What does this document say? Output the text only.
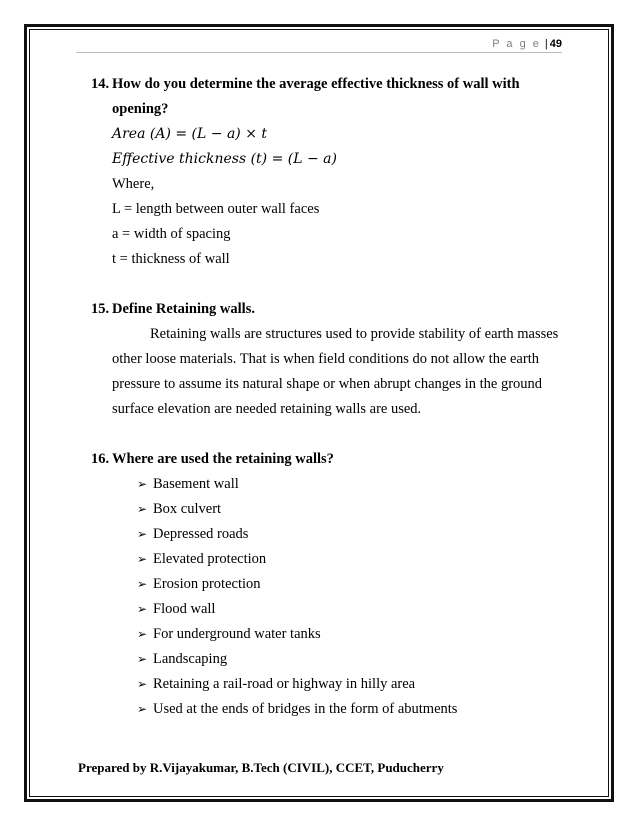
P a g e | 49
14. How do you determine the average effective thickness of wall with
opening?
Area (A) = (L − a) × t
Effective thickness (t) = (L − a)
Where,
L = length between outer wall faces
a = width of spacing
t = thickness of wall
15. Define Retaining walls.
Retaining walls are structures used to provide stability of earth masses
other loose materials. That is when field conditions do not allow the earth
pressure to assume its natural shape or when abrupt changes in the ground
surface elevation are needed retaining walls are used.
16. Where are used the retaining walls?
➢ Basement wall
➢ Box culvert
➢ Depressed roads
➢ Elevated protection
➢ Erosion protection
➢ Flood wall
➢ For underground water tanks
➢ Landscaping
➢ Retaining a rail-road or highway in hilly area
➢ Used at the ends of bridges in the form of abutments
Prepared by R.Vijayakumar, B.Tech (CIVIL), CCET, Puducherry
